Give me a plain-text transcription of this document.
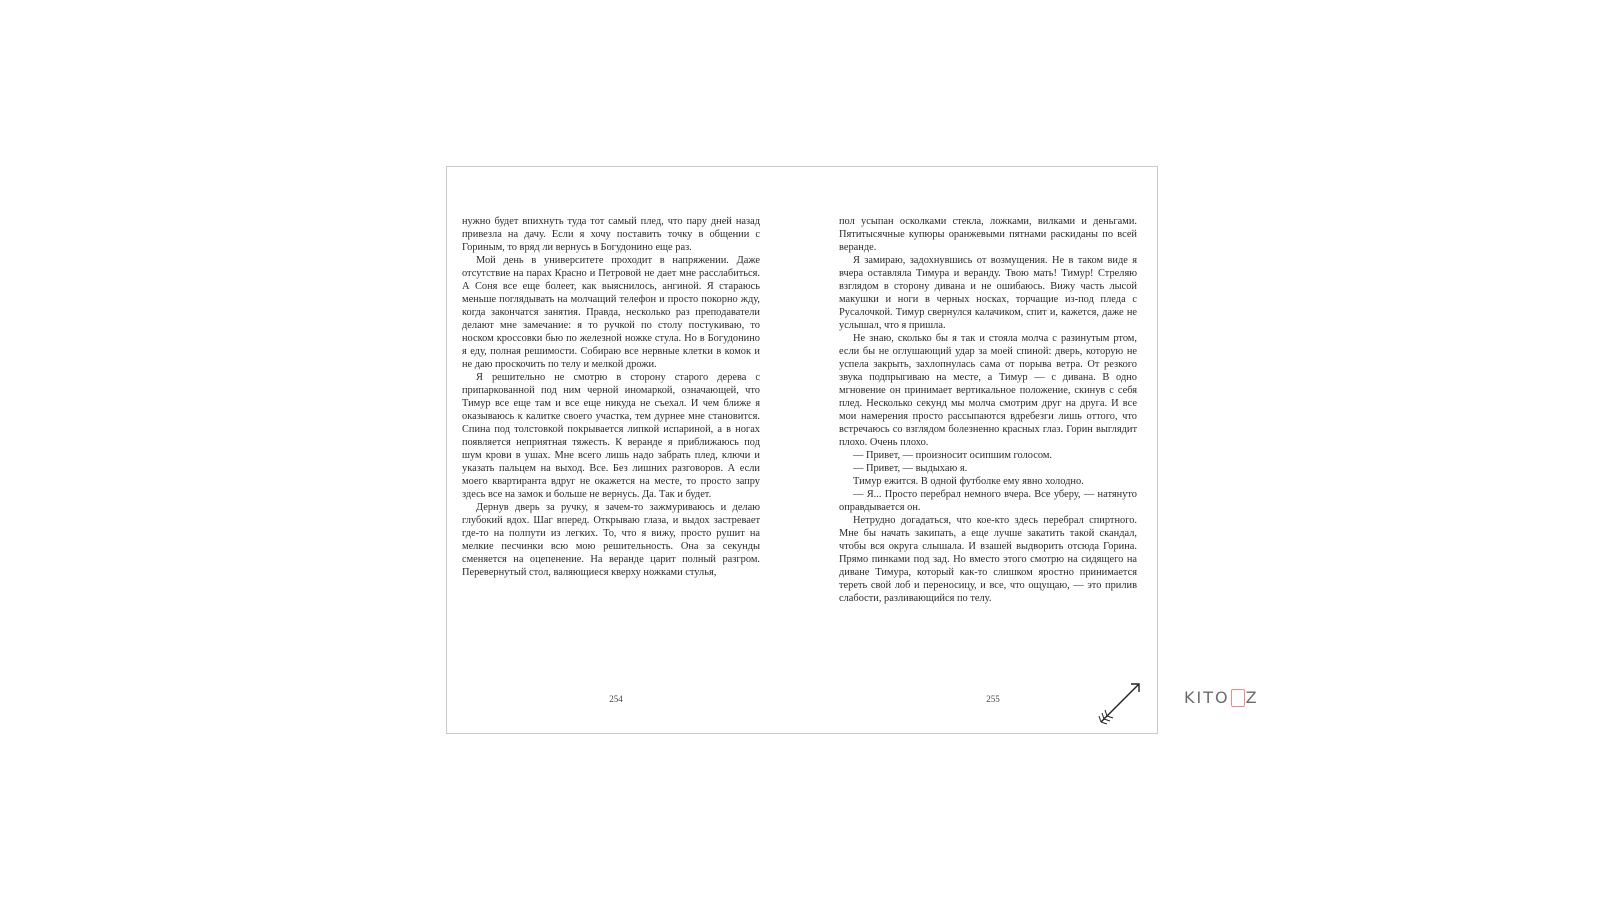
нужно будет впихнуть туда тот самый плед, что пару дней назад привезла на дачу. Если я хочу поставить точку в общении с Гориным, то вряд ли вернусь в Богудонино еще раз.

Мой день в университете проходит в напряжении. Даже отсутствие на парах Красно и Петровой не дает мне расслабиться. А Соня все еще болеет, как выяснилось, ангиной. Я стараюсь меньше поглядывать на молчащий телефон и просто покорно жду, когда закончатся занятия. Правда, несколько раз преподаватели делают мне замечание: я то ручкой по столу постукиваю, то носком кроссовки бью по железной ножке стула. Но в Богудонино я еду, полная решимости. Собираю все нервные клетки в комок и не даю проскочить по телу и мелкой дрожи.

Я решительно не смотрю в сторону старого дерева с припаркованной под ним черной иномаркой, означающей, что Тимур все еще там и все еще никуда не съехал. И чем ближе я оказываюсь к калитке своего участка, тем дурнее мне становится. Спина под толстовкой покрывается липкой испариной, а в ногах появляется неприятная тяжесть. К веранде я приближаюсь под шум крови в ушах. Мне всего лишь надо забрать плед, ключи и указать пальцем на выход. Все. Без лишних разговоров. А если моего квартиранта вдруг не окажется на месте, то просто запру здесь все на замок и больше не вернусь. Да. Так и будет.

Дернув дверь за ручку, я зачем-то зажмуриваюсь и делаю глубокий вдох. Шаг вперед. Открываю глаза, и выдох застревает где-то на полпути из легких. То, что я вижу, просто рушит на мелкие песчинки всю мою решительность. Она за секунды сменяется на оцепенение. На веранде царит полный разгром. Перевернутый стол, валяющиеся кверху ножками стулья,

пол усыпан осколками стекла, ложками, вилками и деньгами. Пятитысячные купюры оранжевыми пятнами раскиданы по всей веранде.

Я замираю, задохнувшись от возмущения. Не в таком виде я вчера оставляла Тимура и веранду. Твою мать! Тимур! Стреляю взглядом в сторону дивана и не ошибаюсь. Вижу часть лысой макушки и ноги в черных носках, торчащие из-под пледа с Русалочкой. Тимур свернулся калачиком, спит и, кажется, даже не услышал, что я пришла.

Не знаю, сколько бы я так и стояла молча с разинутым ртом, если бы не оглушающий удар за моей спиной: дверь, которую не успела закрыть, захлопнулась сама от порыва ветра. От резкого звука подпрыгиваю на месте, а Тимур — с дивана. В одно мгновение он принимает вертикальное положение, скинув с себя плед. Несколько секунд мы молча смотрим друг на друга. И все мои намерения просто рассыпаются вдребезги лишь оттого, что встречаюсь со взглядом болезненно красных глаз. Горин выглядит плохо. Очень плохо.

— Привет, — произносит осипшим голосом.

— Привет, — выдыхаю я.

Тимур ежится. В одной футболке ему явно холодно.

— Я... Просто перебрал немного вчера. Все уберу, — натянуто оправдывается он.

Нетрудно догадаться, что кое-кто здесь перебрал спиртного. Мне бы начать закипать, а еще лучше закатить такой скандал, чтобы вся округа слышала. И взашей выдворить отсюда Горина. Прямо пинками под зад. Но вместо этого смотрю на сидящего на диване Тимура, который как-то слишком яростно принимается тереть свой лоб и переносицу, и все, что ощущаю, — это прилив слабости, разливающийся по телу.

254	255	KITO Z
